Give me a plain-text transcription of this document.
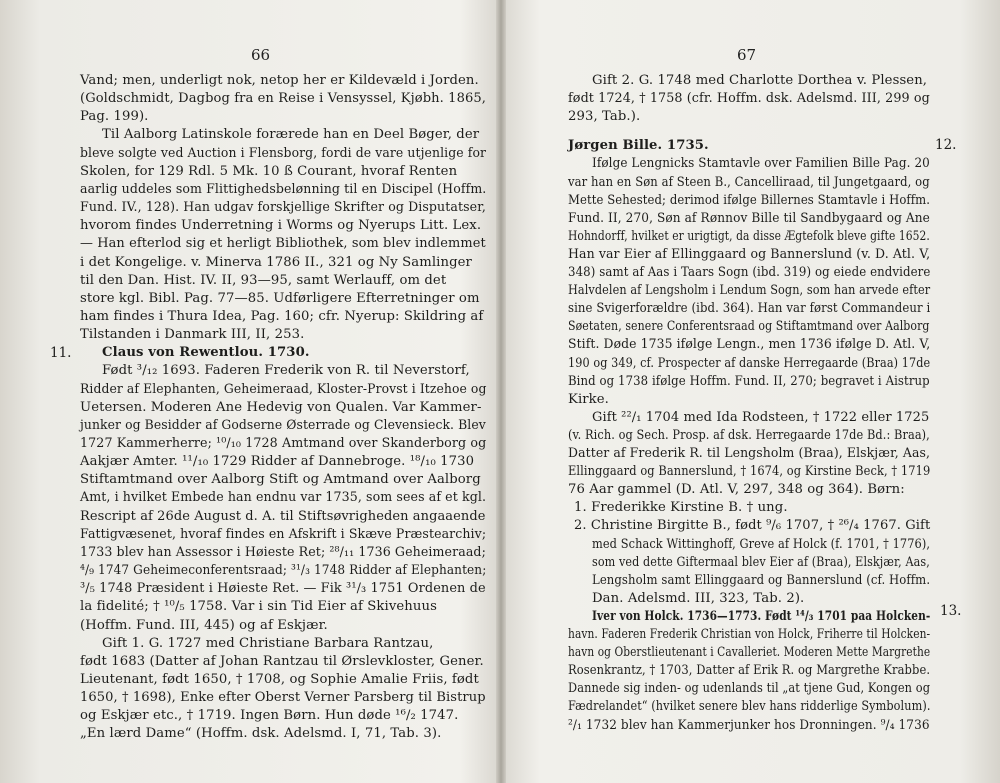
66	67
Vand; men, underligt nok, netop her er Kildevæld i Jorden.
(Goldschmidt, Dagbog fra en Reise i Vensyssel, Kjøbh. 1865,
Pag. 199).
Til Aalborg Latinskole forærede han en Deel Bøger, der
bleve solgte ved Auction i Flensborg, fordi de vare utjenlige for
Skolen, for 129 Rdl. 5 Mk. 10 ß Courant, hvoraf Renten
aarlig uddeles som Flittighedsbelønning til en Discipel (Hoffm.
Fund. IV., 128). Han udgav forskjellige Skrifter og Disputatser,
hvorom findes Underretning i Worms og Nyerups Litt. Lex.
— Han efterlod sig et herligt Bibliothek, som blev indlemmet
i det Kongelige. v. Minerva 1786 II., 321 og Ny Samlinger
til den Dan. Hist. IV. II, 93—95, samt Werlauff, om det
store kgl. Bibl. Pag. 77—85. Udførligere Efterretninger om
ham findes i Thura Idea, Pag. 160; cfr. Nyerup: Skildring af
Tilstanden i Danmark III, II, 253.
Claus von Rewentlou. 1730.
Født ³/₁₂ 1693. Faderen Frederik von R. til Neverstorf,
Ridder af Elephanten, Geheimeraad, Kloster-Provst i Itzehoe og
Uetersen. Moderen Ane Hedevig von Qualen. Var Kammer-
junker og Besidder af Godserne Østerrade og Clevensieck. Blev
1727 Kammerherre; ¹⁰/₁₀ 1728 Amtmand over Skanderborg og
Aakjær Amter. ¹¹/₁₀ 1729 Ridder af Dannebroge. ¹⁸/₁₀ 1730
Stiftamtmand over Aalborg Stift og Amtmand over Aalborg
Amt, i hvilket Embede han endnu var 1735, som sees af et kgl.
Rescript af 26de August d. A. til Stiftsøvrigheden angaaende
Fattigvæsenet, hvoraf findes en Afskrift i Skæve Præstearchiv;
1733 blev han Assessor i Høieste Ret; ²⁸/₁₁ 1736 Geheimeraad;
⁴/₉ 1747 Geheimeconferentsraad; ³¹/₃ 1748 Ridder af Elephanten;
³/₅ 1748 Præsident i Høieste Ret. — Fik ³¹/₃ 1751 Ordenen de
la fidelité; † ¹⁰/₅ 1758. Var i sin Tid Eier af Skivehuus
(Hoffm. Fund. III, 445) og af Eskjær.
Gift 1. G. 1727 med Christiane Barbara Rantzau,
født 1683 (Datter af Johan Rantzau til Ørslevkloster, Gener.
Lieutenant, født 1650, † 1708, og Sophie Amalie Friis, født
1650, † 1698), Enke efter Oberst Verner Parsberg til Bistrup
og Eskjær etc., † 1719. Ingen Børn. Hun døde ¹⁶/₂ 1747.
„En lærd Dame“ (Hoffm. dsk. Adelsmd. I, 71, Tab. 3).
Gift 2. G. 1748 med Charlotte Dorthea v. Plessen,
født 1724, † 1758 (cfr. Hoffm. dsk. Adelsmd. III, 299 og
293, Tab.).
Jørgen Bille. 1735.
Ifølge Lengnicks Stamtavle over Familien Bille Pag. 20
var han en Søn af Steen B., Cancelliraad, til Jungetgaard, og
Mette Sehested; derimod ifølge Billernes Stamtavle i Hoffm.
Fund. II, 270, Søn af Rønnov Bille til Sandbygaard og Ane
Hohndorff, hvilket er urigtigt, da disse Ægtefolk bleve gifte 1652.
Han var Eier af Ellinggaard og Bannerslund (v. D. Atl. V,
348) samt af Aas i Taars Sogn (ibd. 319) og eiede endvidere
Halvdelen af Lengsholm i Lendum Sogn, som han arvede efter
sine Svigerforældre (ibd. 364). Han var først Commandeur i
Søetaten, senere Conferentsraad og Stiftamtmand over Aalborg
Stift. Døde 1735 ifølge Lengn., men 1736 ifølge D. Atl. V,
190 og 349, cf. Prospecter af danske Herregaarde (Braa) 17de
Bind og 1738 ifølge Hoffm. Fund. II, 270; begravet i Aistrup
Kirke.
Gift ²²/₁ 1704 med Ida Rodsteen, † 1722 eller 1725
(v. Rich. og Sech. Prosp. af dsk. Herregaarde 17de Bd.: Braa),
Datter af Frederik R. til Lengsholm (Braa), Elskjær, Aas,
Ellinggaard og Bannerslund, † 1674, og Kirstine Beck, † 1719
76 Aar gammel (D. Atl. V, 297, 348 og 364). Børn:
1. Frederikke Kirstine B. † ung.
2. Christine Birgitte B., født ⁹/₆ 1707, † ²⁶/₄ 1767. Gift
med Schack Wittinghoff, Greve af Holck (f. 1701, † 1776),
som ved dette Giftermaal blev Eier af (Braa), Elskjær, Aas,
Lengsholm samt Ellinggaard og Bannerslund (cf. Hoffm.
Dan. Adelsmd. III, 323, Tab. 2).
Iver von Holck. 1736—1773. Født ¹⁴/₃ 1701 paa Holcken-
havn. Faderen Frederik Christian von Holck, Friherre til Holcken-
havn og Oberstlieutenant i Cavalleriet. Moderen Mette Margrethe
Rosenkrantz, † 1703, Datter af Erik R. og Margrethe Krabbe.
Dannede sig inden- og udenlands til „at tjene Gud, Kongen og
Fædrelandet“ (hvilket senere blev hans ridderlige Symbolum).
²/₁ 1732 blev han Kammerjunker hos Dronningen. ⁹/₄ 1736
11.
12.
13.
